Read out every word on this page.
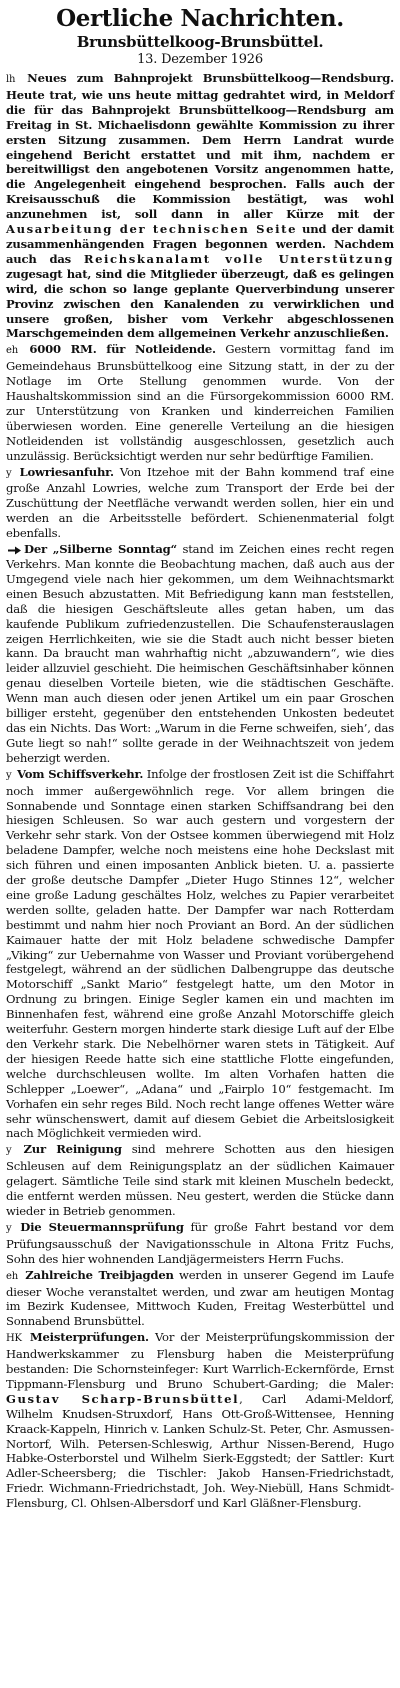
Oertliche Nachrichten.
Brunsbüttelkoog-Brunsbüttel.
13. Dezember 1926

lh Neues zum Bahnprojekt Brunsbüttelkoog—Rendsburg. Heute trat, wie uns heute mittag gedrahtet wird, in Meldorf die für das Bahnprojekt Brunsbüttelkoog—Rendsburg am Freitag in St. Michaelisdonn gewählte Kommission zu ihrer ersten Sitzung zusammen. Dem Herrn Landrat wurde eingehend Bericht erstattet und mit ihm, nachdem er bereitwilligst den angebotenen Vorsitz angenommen hatte, die Angelegenheit eingehend besprochen. Falls auch der Kreisausschuß die Kommission bestätigt, was wohl anzunehmen ist, soll dann in aller Kürze mit der Ausarbeitung der technischen Seite und der damit zusammenhängenden Fragen begonnen werden. Nachdem auch das Reichskanalamt volle Unterstützung zugesagt hat, sind die Mitglieder überzeugt, daß es gelingen wird, die schon so lange geplante Querverbindung unserer Provinz zwischen den Kanalenden zu verwirklichen und unsere großen, bisher vom Verkehr abgeschlossenen Marschgemeinden dem allgemeinen Verkehr anzuschließen.

eh 6000 RM. für Notleidende. Gestern vormittag fand im Gemeindehaus Brunsbüttelkoog eine Sitzung statt, in der zu der Notlage im Orte Stellung genommen wurde. Von der Haushaltskommission sind an die Fürsorgekommission 6000 RM. zur Unterstützung von Kranken und kinderreichen Familien überwiesen worden. Eine generelle Verteilung an die hiesigen Notleidenden ist vollständig ausgeschlossen, gesetzlich auch unzulässig. Berücksichtigt werden nur sehr bedürftige Familien.

y Lowriesanfuhr. Von Itzehoe mit der Bahn kommend traf eine große Anzahl Lowries, welche zum Transport der Erde bei der Zuschüttung der Neetfläche verwandt werden sollen, hier ein und werden an die Arbeitsstelle befördert. Schienenmaterial folgt ebenfalls.

Der „Silberne Sonntag“ stand im Zeichen eines recht regen Verkehrs. Man konnte die Beobachtung machen, daß auch aus der Umgegend viele nach hier gekommen, um dem Weihnachtsmarkt einen Besuch abzustatten. Mit Befriedigung kann man feststellen, daß die hiesigen Geschäftsleute alles getan haben, um das kaufende Publikum zufriedenzustellen. Die Schaufensterauslagen zeigen Herrlichkeiten, wie sie die Stadt auch nicht besser bieten kann. Da braucht man wahrhaftig nicht „abzuwandern“, wie dies leider allzuviel geschieht. Die heimischen Geschäftsinhaber können genau dieselben Vorteile bieten, wie die städtischen Geschäfte. Wenn man auch diesen oder jenen Artikel um ein paar Groschen billiger ersteht, gegenüber den entstehenden Unkosten bedeutet das ein Nichts. Das Wort: „Warum in die Ferne schweifen, sieh’, das Gute liegt so nah!“ sollte gerade in der Weihnachtszeit von jedem beherzigt werden.

y Vom Schiffsverkehr. Infolge der frostlosen Zeit ist die Schiffahrt noch immer außergewöhnlich rege. Vor allem bringen die Sonnabende und Sonntage einen starken Schiffsandrang bei den hiesigen Schleusen. So war auch gestern und vorgestern der Verkehr sehr stark. Von der Ostsee kommen überwiegend mit Holz beladene Dampfer, welche noch meistens eine hohe Deckslast mit sich führen und einen imposanten Anblick bieten. U. a. passierte der große deutsche Dampfer „Dieter Hugo Stinnes 12“, welcher eine große Ladung geschältes Holz, welches zu Papier verarbeitet werden sollte, geladen hatte. Der Dampfer war nach Rotterdam bestimmt und nahm hier noch Proviant an Bord. An der südlichen Kaimauer hatte der mit Holz beladene schwedische Dampfer „Viking“ zur Uebernahme von Wasser und Proviant vorübergehend festgelegt, während an der südlichen Dalbengruppe das deutsche Motorschiff „Sankt Mario“ festgelegt hatte, um den Motor in Ordnung zu bringen. Einige Segler kamen ein und machten im Binnenhafen fest, während eine große Anzahl Motorschiffe gleich weiterfuhr. Gestern morgen hinderte stark diesige Luft auf der Elbe den Verkehr stark. Die Nebelhörner waren stets in Tätigkeit. Auf der hiesigen Reede hatte sich eine stattliche Flotte eingefunden, welche durchschleusen wollte. Im alten Vorhafen hatten die Schlepper „Loewer“, „Adana“ und „Fairplo 10“ festgemacht. Im Vorhafen ein sehr reges Bild. Noch recht lange offenes Wetter wäre sehr wünschenswert, damit auf diesem Gebiet die Arbeitslosigkeit nach Möglichkeit vermieden wird.

y Zur Reinigung sind mehrere Schotten aus den hiesigen Schleusen auf dem Reinigungsplatz an der südlichen Kaimauer gelagert. Sämtliche Teile sind stark mit kleinen Muscheln bedeckt, die entfernt werden müssen. Neu gestert, werden die Stücke dann wieder in Betrieb genommen.

y Die Steuermannsprüfung für große Fahrt bestand vor dem Prüfungsausschuß der Navigationsschule in Altona Fritz Fuchs, Sohn des hier wohnenden Landjägermeisters Herrn Fuchs.

eh Zahlreiche Treibjagden werden in unserer Gegend im Laufe dieser Woche veranstaltet werden, und zwar am heutigen Montag im Bezirk Kudensee, Mittwoch Kuden, Freitag Westerbüttel und Sonnabend Brunsbüttel.

HK Meisterprüfungen. Vor der Meisterprüfungskommission der Handwerkskammer zu Flensburg haben die Meisterprüfung bestanden: Die Schornsteinfeger: Kurt Warrlich-Eckernförde, Ernst Tippmann-Flensburg und Bruno Schubert-Garding; die Maler: Gustav Scharp-Brunsbüttel, Carl Adami-Meldorf, Wilhelm Knudsen-Struxdorf, Hans Ott-Groß-Wittensee, Henning Kraack-Kappeln, Hinrich v. Lanken Schulz-St. Peter, Chr. Asmussen-Nortorf, Wilh. Petersen-Schleswig, Arthur Nissen-Berend, Hugo Habke-Osterborstel und Wilhelm Sierk-Eggstedt; der Sattler: Kurt Adler-Scheersberg; die Tischler: Jakob Hansen-Friedrichstadt, Friedr. Wichmann-Friedrichstadt, Joh. Wey-Niebüll, Hans Schmidt-Flensburg, Cl. Ohlsen-Albersdorf und Karl Gläßner-Flensburg.
